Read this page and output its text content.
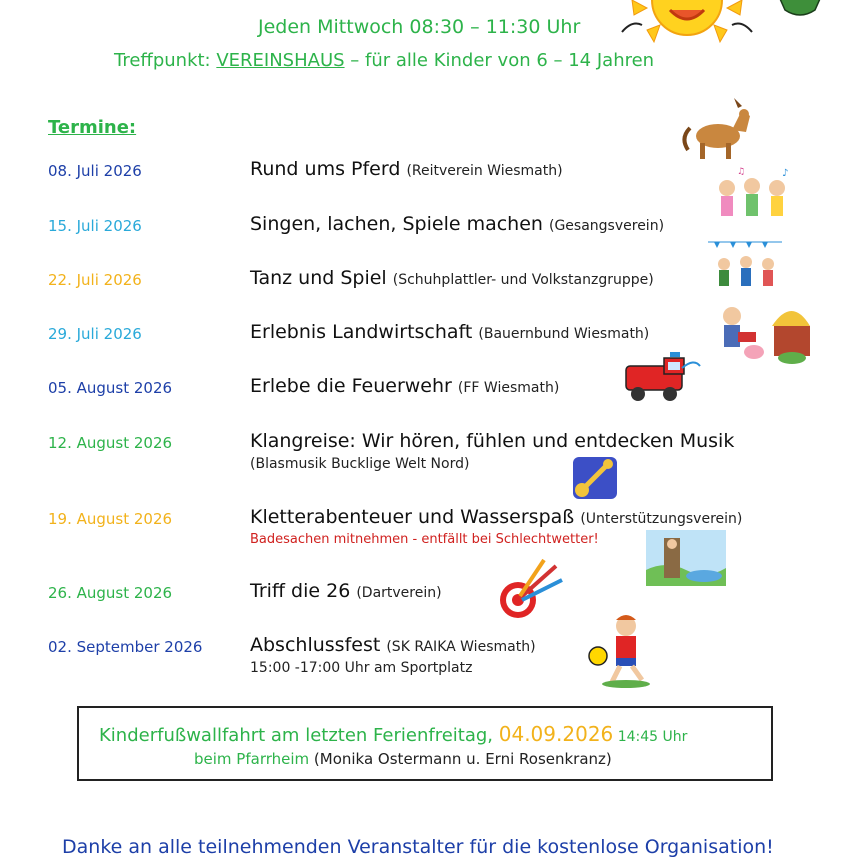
Jeden Mittwoch 08:30 – 11:30 Uhr
Treffpunkt: VEREINSHAUS – für alle Kinder von 6 – 14 Jahren
Termine:
08. Juli 2026	Rund ums Pferd (Reitverein Wiesmath)
15. Juli 2026	Singen, lachen, Spiele machen (Gesangsverein)
22. Juli 2026	Tanz und Spiel (Schuhplattler- und Volkstanzgruppe)
29. Juli 2026	Erlebnis Landwirtschaft (Bauernbund Wiesmath)
05. August 2026	Erlebe die Feuerwehr (FF Wiesmath)
12. August 2026	Klangreise: Wir hören, fühlen und entdecken Musik
(Blasmusik Bucklige Welt Nord)
19. August 2026	Kletterabenteuer und Wasserspaß (Unterstützungsverein)
Badesachen mitnehmen - entfällt bei Schlechtwetter!
26. August 2026	Triff die 26 (Dartverein)
02. September 2026	Abschlussfest (SK RAIKA Wiesmath)
15:00 -17:00 Uhr am Sportplatz
♪
♫
Kinderfußwallfahrt am letzten Ferienfreitag, 04.09.2026 14:45 Uhr
beim Pfarrheim (Monika Ostermann u. Erni Rosenkranz)
Danke an alle teilnehmenden Veranstalter für die kostenlose Organisation!
